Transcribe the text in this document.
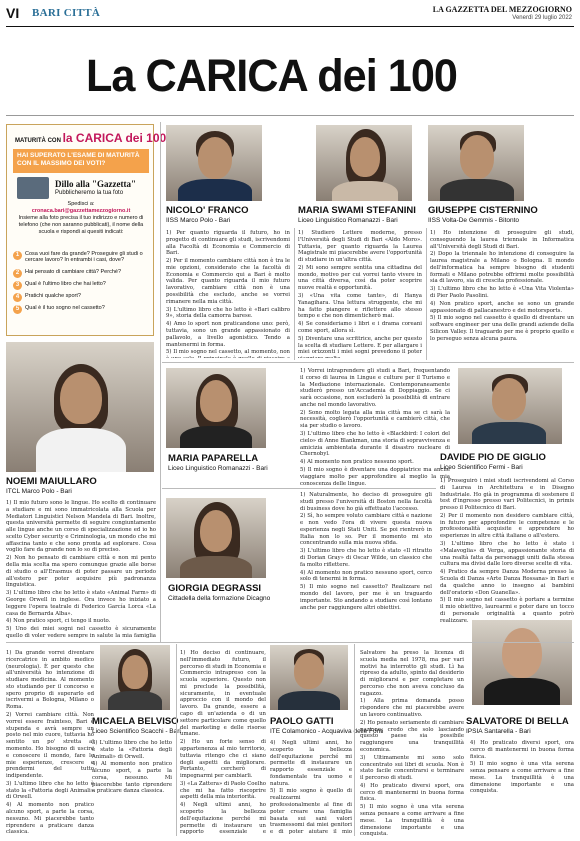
VI BARI CITTÀ	LA GAZZETTA DEL MEZZOGIORNO
Venerdì 29 luglio 2022
La CARICA dei 100
MATURITÀ CON la CARICA dei 100
HAI SUPERATO L'ESAME DI MATURITÀ CON IL MASSIMO DEI VOTI?
Dillo alla "Gazzetta"
Pubblicheremo la tua foto
Spedisci a:
cronaca.bari@gazzettamezzogiorno.it
Insieme alla foto precisa il tuo indirizzo e numero di telefono (che non saranno pubblicati), il nome della scuola e rispondi ai quesiti indicati:
1	Cosa vuoi fare da grande? Proseguire gli studi o cercare lavoro? In entrambi i casi, dove?
2	Hai pensato di cambiare città? Perché?
3	Qual è l'ultimo libro che hai letto?
4	Pratichi qualche sport?
5	Qual è il tuo sogno nel cassetto?
NICOLO' FRANCO
IISS Marco Polo - Bari
MARIA SWAMI STEFANINI
Liceo Linguistico Romanazzi - Bari
GIUSEPPE CISTERNINO
IISS Volta-De Gemmis - Bitonto
NOEMI MAIULLARO
ITCL Marco Polo - Bari
MARIA PAPARELLA
Liceo Linguistico Romanazzi - Bari
DAVIDE PIO DE GIGLIO
Liceo Scientifico Fermi - Bari
GIORGIA DEGRASSI
Cittadella della formazione Dicagno
MICAELA BELVISO
Liceo Scientifico Scacchi - Bari
PAOLO GATTI
ITE Colamonico - Acquaviva delle Fonti
SALVATORE DI BELLA
IPSIA Santarella - Bari

1) Per quanto riguarda il futuro, ho in progetto di continuare gli studi, iscrivendomi alla Facoltà di Economia e Commercio di Bari.

2) Per il momento cambiare città non è tra le mie opzioni, considerato che la facoltà di Economia e Commercio qui a Bari è molto valida. Per quanto riguarda il mio futuro lavorativo, cambiare città non è una possibilità che escludo, anche se vorrei rimanere nella mia città.

3) L'ultimo libro che ho letto è «Bari calibro 9», storia della camorra barese.

4) Amo lo sport non praticandone uno: però, tuttavia, sono un grande appassionato di pallavolo, a livello agonistico. Tendo a mantenermi in forma.

5) Il mio sogno nel cassetto, al momento, non

1) Studierò Lettere moderne, presso l'Università degli Studi di Bari «Aldo Moro». Tuttavia, per quanto riguarda la Laurea Magistrale mi piacerebbe avere l'opportunità di studiare in un'altra città.

2) Mi sono sempre sentita una cittadina del mondo, motivo per cui vorrei tanto vivere in una città diversa, così da poter scoprire nuove realtà e opportunità.

3) «Una vita come tante», di Hanya Yanagihara. Una lettura struggente, che mi ha fatto piangere e riflettere allo stesso tempo e che non dimenticherò mai.

4) Se consideriamo i libri e i drama coreani come sport, allora sì.

5) Diventare una scrittrice, anche per questo la scelta di studiare Lettere. E per allargare i miei orizzonti i miei sogni prevedono il poter

1) Ho intenzione di proseguire gli studi, conseguendo la laurea triennale in Informatica all'Università degli Studi di Bari.

2) Dopo la triennale ho intenzione di conseguire la laurea magistrale a Milano o Bologna. Il mondo dell'informatica ha sempre bisogno di studenti formati e Milano potrebbe offrirmi molte possibilità sia di lavoro, sia di crescita professionale.

3) L'ultimo libro che ho letto è «Una Vita Violenta» di Pier Paolo Pasolini.

4) Non pratico sport, anche se sono un grande appassionato di pallacanestro e dei motorsports.

5) Il mio sogno nel cassetto è quello di diventare un software engineer per una delle grandi aziende della Silicon Valley. Il traguardo per me è proprio quello e lo perseguo senza alcuna paura.

1) Il mio futuro sono le lingue. Ho scelto di continuare a studiare e mi sono immatricolata alla Scuola per Mediatori Linguistici Nelson Mandela di Bari. Inoltre, questa università permette di seguire congiuntamente alle lingue anche un corso di specializzazione ed io ho scelto Cyber security e Criminologia, un mondo che mi affascina tanto e che sono pronta ad esplorare. Cosa voglio fare da grande non lo so di preciso.

2) Non ho pensato di cambiare città e non mi pento della mia scelta ma spero comunque grazie alle borse di studio o all'Erasmus di poter passare un periodo all'estero per poter acquisire più padronanza linguistica.

3) L'ultimo libro che ho letto è stato «Animal Farm» di George Orwell in inglese. Ora invece ho iniziato a leggere l'opera teatrale di Federico García Lorca «La casa de Bernarda Alba».

4) Non pratico sport, ci tengo il nuoto.

5) Uno dei miei sogni nel cassetto è sicuramente quello di voler vedere sempre in salute la mia famiglia

1) Vorrei intraprendere gli studi a Bari, frequentando il corso di laurea in Lingue e culture per il Turismo e la Mediazione internazionale. Contemporaneamente studierò presso un'Accademia di Doppiaggio. Se ci sarà occasione, non escluderò la possibilità di entrare anche nel mondo lavorativo.

2) Sono molto legata alla mia città ma se ci sarà la necessità, coglierò l'opportunità e cambierò città, che sia per studio o lavoro.

3) L'ultimo libro che ho letto è «Blackbird: I colori del cielo» di Anne Blankman, una storia di sopravvivenza e amicizia ambientata durante il disastro nucleare di Chernobyl.

4) Al momento non pratico nessuno sport.

5) Il mio sogno è diventare una doppiatrice ma anche viaggiare molto per approfondire al meglio la mia conoscenza delle lingue.	1) Proseguirò i miei studi iscrivendomi al Corso di Laurea in Architettura e in Disegno Industriale. Ho già in programma di sostenere il test d'ingresso presso vari Politecnici, in primis presso il Politecnico di Bari.

2) Per il momento non desidero cambiare città, in futuro per approfondire le competenze e le professionalità acquisite e apprendere ho esperienze in altre città italiane o all'estero.

3) L'ultimo libro che ho letto è stato i «Malavoglia» di Verga, appassionante storia di una realtà fatta da personaggi uniti dalla stessa cultura ma divisi dalle loro diverse scelte di vita.

4) Pratico da sempre Danza Moderna presso la Scuola di Danza «Arte Danza Rossana» in Bari e da qualche anno io insegno ai bambini dell'oratorio «Don Guanella».

5) Il mio sogno nel cassetto è portare a termine il mio obiettivo, laurearmi e poter dare un tocco di personale originalità a quanto potrò realizzare.

1) Naturalmente, ho deciso di proseguire gli studi presso l'università di Boston nella facoltà di business dove ho già effettuato l'accesso.

2) Sì, ho sempre voluto cambiare città e nazione e non vedo l'ora di vivere questa nuova esperienza negli Stati Uniti. Se poi rientrerò in Italia non lo so. Per il momento mi sto concentrando sulla mia nuova sfida.

3) L'ultimo libro che ho letto è stato «Il ritratto di Dorian Gray» di Oscar Wilde, un classico che fa molto riflettere.

4) Al momento non pratico nessuno sport, cerco solo di tenermi in forma.

5) Il mio sogno nel cassetto? Realizzare nel mondo del lavoro, per me è un traguardo importante. Sto andando a studiare così lontano anche per raggiungere altri obiettivi.

1) Da grande vorrei diventare ricercatrice in ambito medico (neurologia). È per questo che all'università ho intenzione di studiare medicina. Al momento sto studiando per il concorso e spero proprio di superarlo ed iscrivermi a Bologna, Milano o Roma.

2) Vorrei cambiare città. Non vorrei essere frainteso, Bari è stupenda e avrà sempre un posto nel mio cuore, tuttavia ho sentito un po' stretta al momento. Ho bisogno di uscire e conoscere il mondo, fare le mie esperienze, crescere e prendermi del tutto indipendente.

3) L'ultimo libro che ho letto è stato la «Fattoria degli Animali» di Orwell.

4) Al momento non pratico alcuno sport, a parte la corsa, nessuno. Mi piacerebbe tanto riprendere a praticare danza classica.

1) Ho deciso di continuare, nell'immediato futuro, il percorso di studi in Economia e Commercio intrapreso con la scuola superiore. Questo non mi preclude la possibilità, sicuramente, in eventuale approccio con il mondo del lavoro. Da grande, essere a capo di un'azienda o di un settore particolare come quello del marketing e delle risorse umane.

2) Ho un forte senso di appartenenza al mio territorio, tuttavia ritengo che ci siano degli aspetti da migliorare. Pertanto, cercherò di impegnarmi per cambiarli.

3) «La Zattera» di Paolo Coelho che mi ha fatto riscoprire aspetti della mia interiorità.

4) Negli ultimi anni, ho scoperto la bellezza dell'equitazione perché mi permette di instaurare un rapporto essenziale e

Salvatore ha preso la licenza di scuola media nel 1978, ma per vari motivi ha interrotto gli studi. Lì ha ripreso da adulto, spinto dal desiderio di migliorarsi e per completare un percorso che non aveva concluso da ragazzo.

1) Alla prima domanda posso rispondere che mi piacerebbe avere un lavoro continuativo.

2) Ho pensato seriamente di cambiare nazione, credo che solo lasciando questo paese sia possibile raggiungere una tranquillità economica.

3) Ultimamente mi sono solo concentrato sui libri di scuola. Non è stato facile concentrarsi e terminare il percorso di studi.

4) Ho praticato diversi sport, ora cerco di mantenermi in buona forma fisica.

5) Il mio sogno è una vita serena senza pensare a come arrivare a fine mese. La tranquillità è una dimensione importante e una conquista.

3) L'ultimo libro che ho letto è stato la «Fattoria degli Animali» di Orwell.

4) Al momento non pratico alcuno sport, a parte la corsa, nessuno. Mi piacerebbe tanto riprendere a praticare danza classica.

4) Negli ultimi anni, ho scoperto la bellezza dell'equitazione perché mi permette di instaurare un rapporto essenziale e fondamentale tra uomo e natura.

5) Il mio sogno è quello di realizzarmi professionalmente al fine di poter creare una famiglia basata sui sani valori trasmessomi dai miei genitori e di poter aiutare il mio

4) Ho praticato diversi sport, ora cerco di mantenermi in buona forma fisica.

5) Il mio sogno è una vita serena senza pensare a come arrivare a fine mese. La tranquillità è una dimensione importante e una conquista.
